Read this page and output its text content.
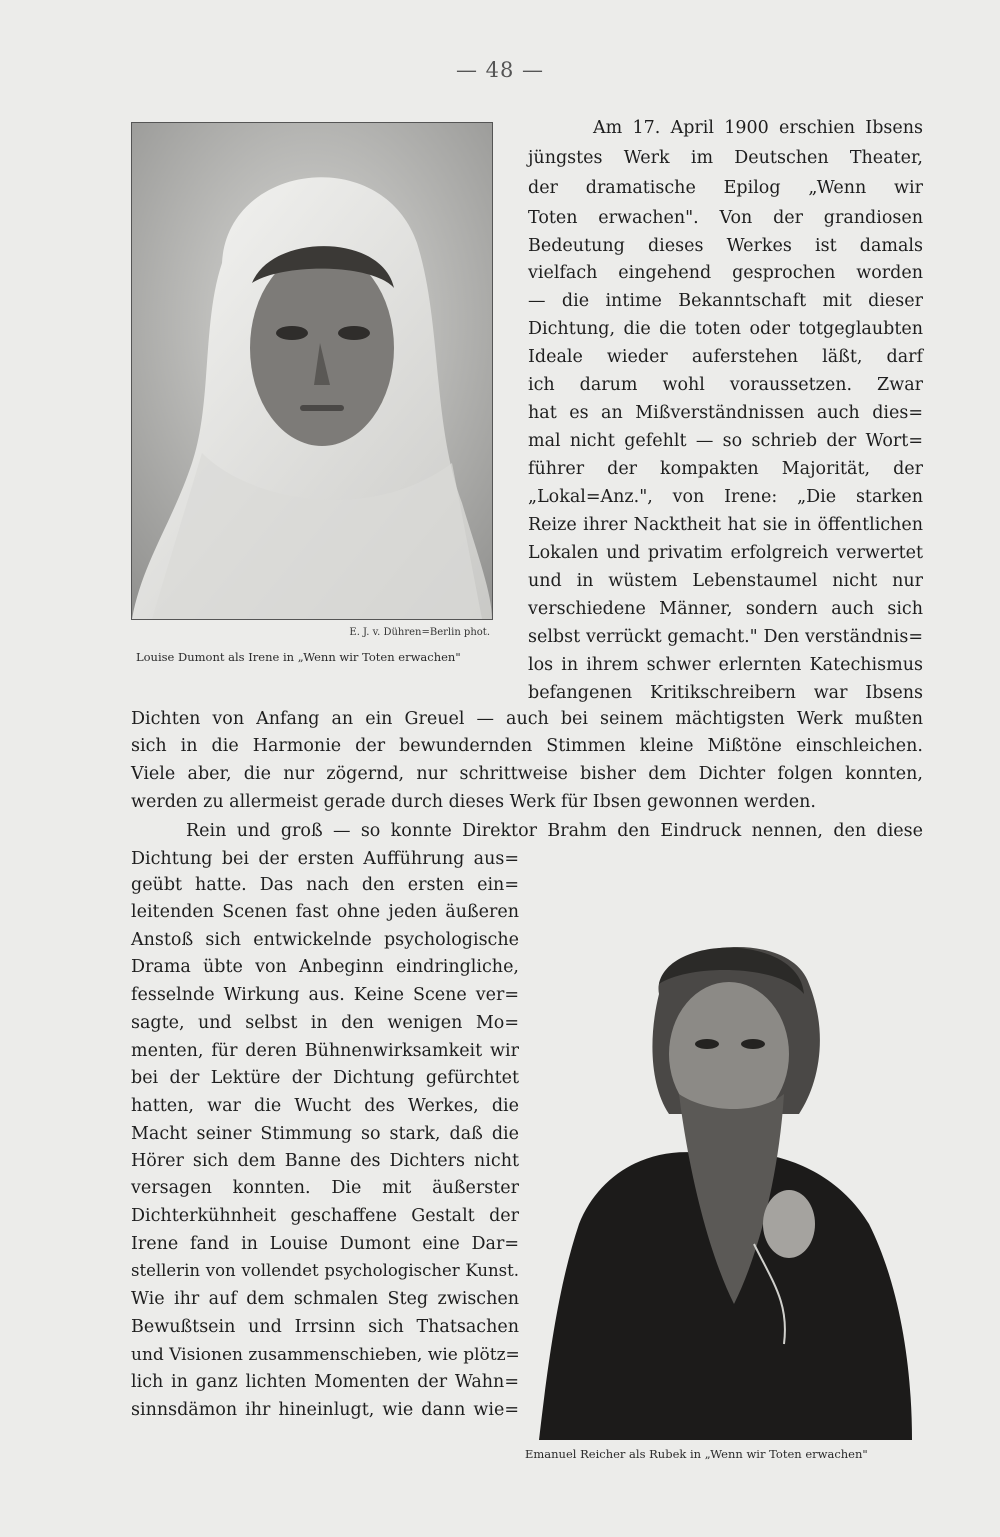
— 48 —
E. J. v. Dühren=Berlin phot.
Louise Dumont als Irene in „Wenn wir Toten erwachen"
Emanuel Reicher als Rubek in „Wenn wir Toten erwachen"
Am 17. April 1900 erschien Ibsens
jüngstes Werk im Deutschen Theater,
der dramatische Epilog „Wenn wir
Toten erwachen". Von der grandiosen
Bedeutung dieses Werkes ist damals
vielfach eingehend gesprochen worden
— die intime Bekanntschaft mit dieser
Dichtung, die die toten oder totgeglaubten
Ideale wieder auferstehen läßt, darf
ich darum wohl voraussetzen. Zwar
hat es an Mißverständnissen auch dies=
mal nicht gefehlt — so schrieb der Wort=
führer der kompakten Majorität, der
„Lokal=Anz.", von Irene: „Die starken
Reize ihrer Nacktheit hat sie in öffentlichen
Lokalen und privatim erfolgreich verwertet
und in wüstem Lebenstaumel nicht nur
verschiedene Männer, sondern auch sich
selbst verrückt gemacht." Den verständnis=
los in ihrem schwer erlernten Katechismus
befangenen Kritikschreibern war Ibsens
Dichten von Anfang an ein Greuel — auch bei seinem mächtigsten Werk mußten
sich in die Harmonie der bewundernden Stimmen kleine Mißtöne einschleichen.
Viele aber, die nur zögernd, nur schrittweise bisher dem Dichter folgen konnten,
werden zu allermeist gerade durch dieses Werk für Ibsen gewonnen werden.
Rein und groß — so konnte Direktor Brahm den Eindruck nennen, den diese
Dichtung bei der ersten Aufführung aus=
geübt hatte. Das nach den ersten ein=
leitenden Scenen fast ohne jeden äußeren
Anstoß sich entwickelnde psychologische
Drama übte von Anbeginn eindringliche,
fesselnde Wirkung aus. Keine Scene ver=
sagte, und selbst in den wenigen Mo=
menten, für deren Bühnenwirksamkeit wir
bei der Lektüre der Dichtung gefürchtet
hatten, war die Wucht des Werkes, die
Macht seiner Stimmung so stark, daß die
Hörer sich dem Banne des Dichters nicht
versagen konnten. Die mit äußerster
Dichterkühnheit geschaffene Gestalt der
Irene fand in Louise Dumont eine Dar=
stellerin von vollendet psychologischer Kunst.
Wie ihr auf dem schmalen Steg zwischen
Bewußtsein und Irrsinn sich Thatsachen
und Visionen zusammenschieben, wie plötz=
lich in ganz lichten Momenten der Wahn=
sinnsdämon ihr hineinlugt, wie dann wie=
